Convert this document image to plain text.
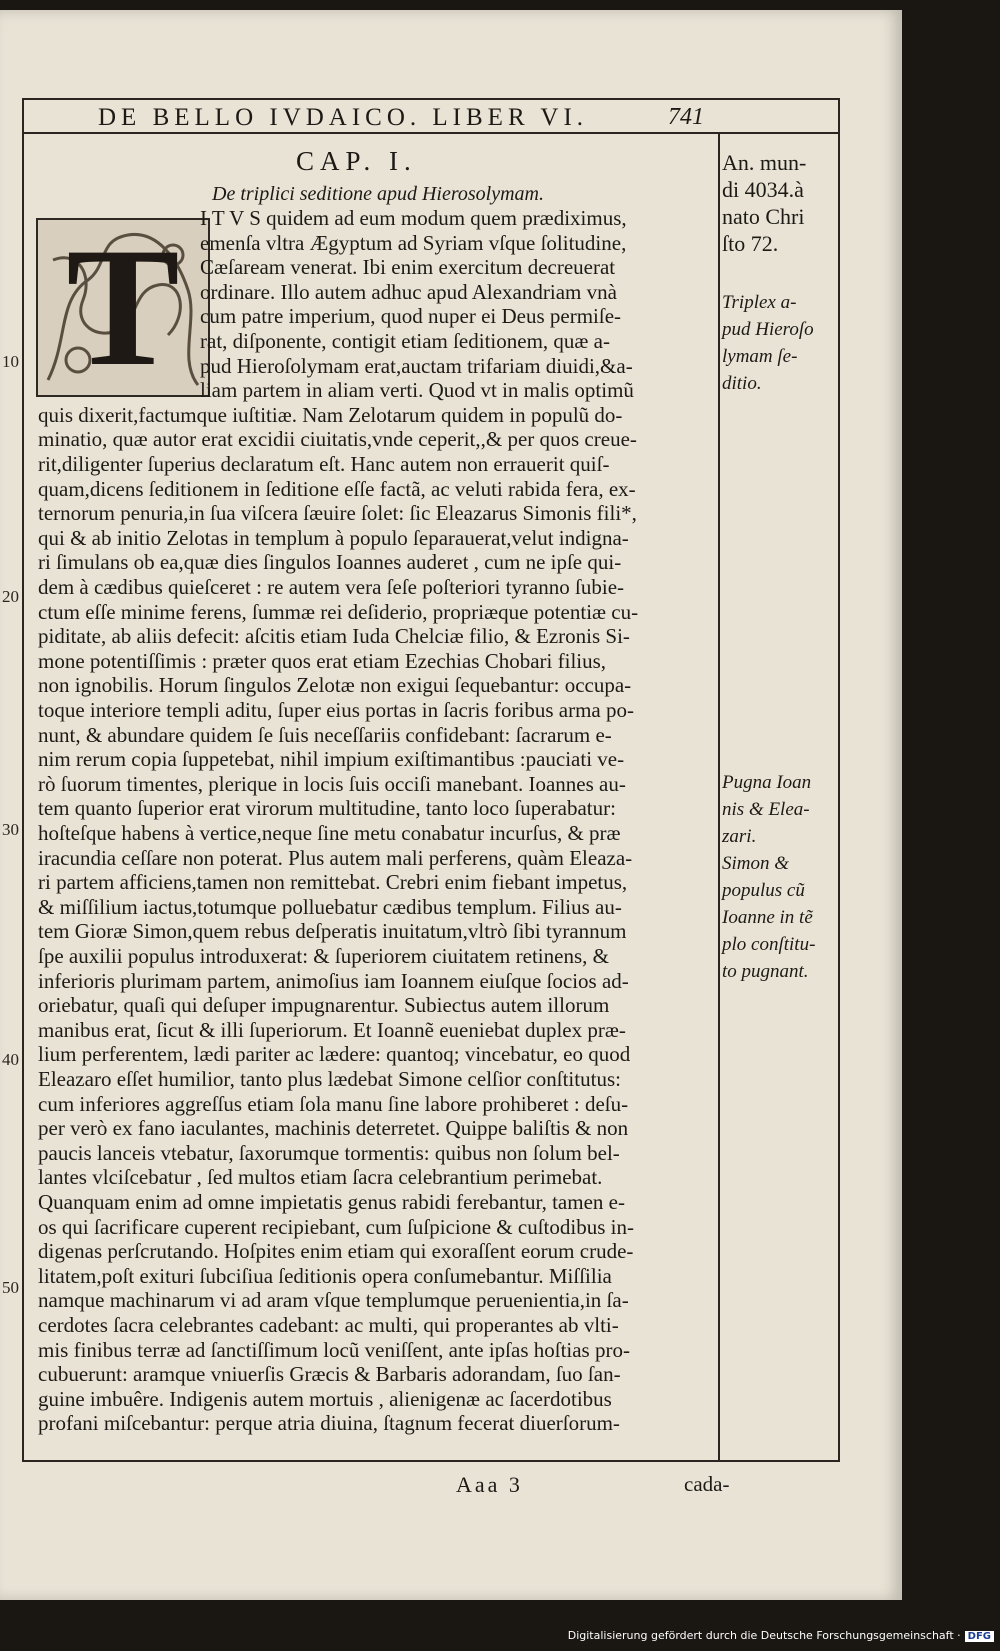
DE BELLO IVDAICO. LIBER VI.	741
CAP. I.
De triplici seditione apud Hierosolymam.
T I T V S quidem ad eum modum quem prædiximus,
emenſa vltra Ægyptum ad Syriam vſque ſolitudine,
Cæſaream venerat. Ibi enim exercitum decreuerat
ordinare. Illo autem adhuc apud Alexandriam vnà
cum patre imperium, quod nuper ei Deus permiſe-
rat, diſponente, contigit etiam ſeditionem, quæ a-
pud Hieroſolymam erat,auctam trifariam diuidi,&a-
liam partem in aliam verti. Quod vt in malis optimũ
quis dixerit,factumque iuſtitiæ. Nam Zelotarum quidem in populũ do-
minatio, quæ autor erat excidii ciuitatis,vnde ceperit,,& per quos creue-
rit,diligenter ſuperius declaratum eſt. Hanc autem non errauerit quiſ-
quam,dicens ſeditionem in ſeditione eſſe factã, ac veluti rabida fera, ex-
ternorum penuria,in ſua viſcera ſæuire ſolet: ſic Eleazarus Simonis fili*,
qui & ab initio Zelotas in templum à populo ſeparauerat,velut indigna-
ri ſimulans ob ea,quæ dies ſingulos Ioannes auderet , cum ne ipſe qui-
dem à cædibus quieſceret : re autem vera ſeſe poſteriori tyranno ſubie-
ctum eſſe minime ferens, ſummæ rei deſiderio, propriæque potentiæ cu-
piditate, ab aliis defecit: aſcitis etiam Iuda Chelciæ filio, & Ezronis Si-
mone potentiſſimis : præter quos erat etiam Ezechias Chobari filius,
non ignobilis. Horum ſingulos Zelotæ non exigui ſequebantur: occupa-
toque interiore templi aditu, ſuper eius portas in ſacris foribus arma po-
nunt, & abundare quidem ſe ſuis neceſſariis confidebant: ſacrarum e-
nim rerum copia ſuppetebat, nihil impium exiſtimantibus :pauciati ve-
rò ſuorum timentes, plerique in locis ſuis occiſi manebant. Ioannes au-
tem quanto ſuperior erat virorum multitudine, tanto loco ſuperabatur:
hoſteſque habens à vertice,neque ſine metu conabatur incurſus, & præ
iracundia ceſſare non poterat. Plus autem mali perferens, quàm Eleaza-
ri partem afficiens,tamen non remittebat. Crebri enim fiebant impetus,
& miſſilium iactus,totumque polluebatur cædibus templum. Filius au-
tem Gioræ Simon,quem rebus deſperatis inuitatum,vltrò ſibi tyrannum
ſpe auxilii populus introduxerat: & ſuperiorem ciuitatem retinens, &
inferioris plurimam partem, animoſius iam Ioannem eiuſque ſocios ad-
oriebatur, quaſi qui deſuper impugnarentur. Subiectus autem illorum
manibus erat, ſicut & illi ſuperiorum. Et Ioannẽ eueniebat duplex præ-
lium perferentem, lædi pariter ac lædere: quantoq; vincebatur, eo quod
Eleazaro eſſet humilior, tanto plus lædebat Simone celſior conſtitutus:
cum inferiores aggreſſus etiam ſola manu ſine labore prohiberet : deſu-
per verò ex fano iaculantes, machinis deterretet. Quippe baliſtis & non
paucis lanceis vtebatur, ſaxorumque tormentis: quibus non ſolum bel-
lantes vlciſcebatur , ſed multos etiam ſacra celebrantium perimebat.
Quanquam enim ad omne impietatis genus rabidi ferebantur, tamen e-
os qui ſacrificare cuperent recipiebant, cum ſuſpicione & cuſtodibus in-
digenas perſcrutando. Hoſpites enim etiam qui exoraſſent eorum crude-
litatem,poſt exituri ſubciſiua ſeditionis opera conſumebantur. Miſſilia
namque machinarum vi ad aram vſque templumque peruenientia,in ſa-
cerdotes ſacra celebrantes cadebant: ac multi, qui properantes ab vlti-
mis finibus terræ ad ſanctiſſimum locũ veniſſent, ante ipſas hoſtias pro-
cubuerunt: aramque vniuerſis Græcis & Barbaris adorandam, ſuo ſan-
guine imbuêre. Indigenis autem mortuis , alienigenæ ac ſacerdotibus
profani miſcebantur: perque atria diuina, ſtagnum fecerat diuerſorum-
An. mun-
di 4034.à
nato Chri
ſto 72.
Triplex a-
pud Hieroſo
lymam ſe-
ditio.
Pugna Ioan
nis & Elea-
zari.
Simon &
populus cũ
Ioanne in tẽ
plo conſtitu-
to pugnant.
10
20
30
40
50
Aaa 3	cada-
Digitalisierung gefördert durch die Deutsche Forschungsgemeinschaft · DFG
